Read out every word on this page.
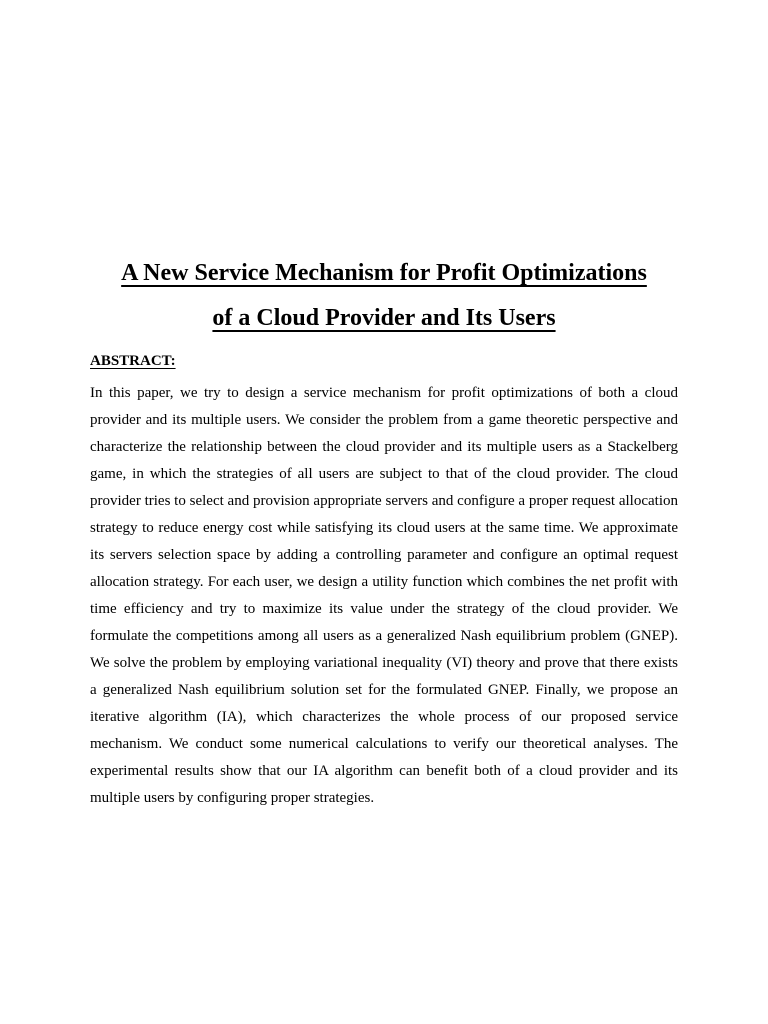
A New Service Mechanism for Profit Optimizations
of a Cloud Provider and Its Users
ABSTRACT:

In this paper, we try to design a service mechanism for profit optimizations of both a cloud provider and its multiple users. We consider the problem from a game theoretic perspective and characterize the relationship between the cloud provider and its multiple users as a Stackelberg game, in which the strategies of all users are subject to that of the cloud provider. The cloud provider tries to select and provision appropriate servers and configure a proper request allocation strategy to reduce energy cost while satisfying its cloud users at the same time. We approximate its servers selection space by adding a controlling parameter and configure an optimal request allocation strategy. For each user, we design a utility function which combines the net profit with time efficiency and try to maximize its value under the strategy of the cloud provider. We formulate the competitions among all users as a generalized Nash equilibrium problem (GNEP). We solve the problem by employing variational inequality (VI) theory and prove that there exists a generalized Nash equilibrium solution set for the formulated GNEP. Finally, we propose an iterative algorithm (IA), which characterizes the whole process of our proposed service mechanism. We conduct some numerical calculations to verify our theoretical analyses. The experimental results show that our IA algorithm can benefit both of a cloud provider and its multiple users by configuring proper strategies.
